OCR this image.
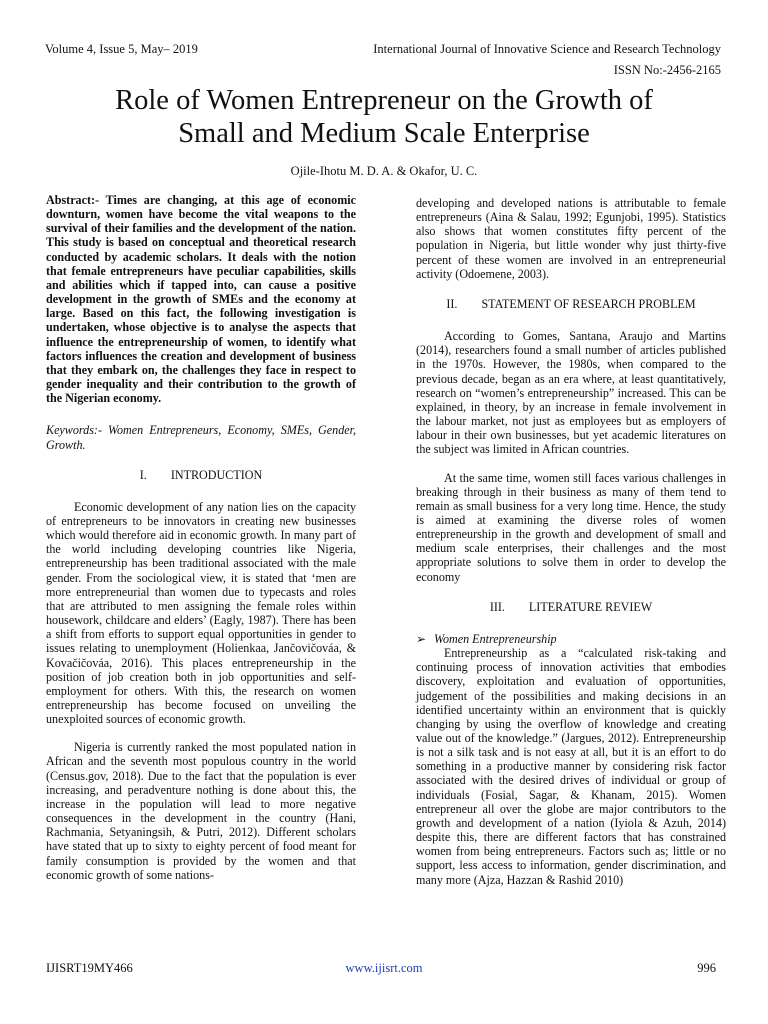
Volume 4, Issue 5, May– 2019	International Journal of Innovative Science and Research Technology
ISSN No:-2456-2165
Role of Women Entrepreneur on the Growth of
Small and Medium Scale Enterprise
Ojile-Ihotu M. D. A. & Okafor, U. C.

Abstract:- Times are changing, at this age of economic downturn, women have become the vital weapons to the survival of their families and the development of the nation. This study is based on conceptual and theoretical research conducted by academic scholars. It deals with the notion that female entrepreneurs have peculiar capabilities, skills and abilities which if tapped into, can cause a positive development in the growth of SMEs and the economy at large. Based on this fact, the following investigation is undertaken, whose objective is to analyse the aspects that influence the entrepreneurship of women, to identify what factors influences the creation and development of business that they embark on, the challenges they face in respect to gender inequality and their contribution to the growth of the Nigerian economy.

Keywords:- Women Entrepreneurs, Economy, SMEs, Gender, Growth.

I. INTRODUCTION

Economic development of any nation lies on the capacity of entrepreneurs to be innovators in creating new businesses which would therefore aid in economic growth. In many part of the world including developing countries like Nigeria, entrepreneurship has been traditional associated with the male gender. From the sociological view, it is stated that ‘men are more entrepreneurial than women due to typecasts and roles that are attributed to men assigning the female roles within housework, childcare and elders’ (Eagly, 1987). There has been a shift from efforts to support equal opportunities in gender to issues relating to unemployment (Holienkaa, Jančovičováa, & Kovačičováa, 2016). This places entrepreneurship in the position of job creation both in job opportunities and self-employment for others. With this, the research on women entrepreneurship has become focused on unveiling the unexploited sources of economic growth.

Nigeria is currently ranked the most populated nation in African and the seventh most populous country in the world (Census.gov, 2018). Due to the fact that the population is ever increasing, and peradventure nothing is done about this, the increase in the population will lead to more negative consequences in the development in the country (Hani, Rachmania, Setyaningsih, & Putri, 2012). Different scholars have stated that up to sixty to eighty percent of food meant for family consumption is provided by the women and that economic growth of some nations-

developing and developed nations is attributable to female entrepreneurs (Aina & Salau, 1992; Egunjobi, 1995). Statistics also shows that women constitutes fifty percent of the population in Nigeria, but little wonder why just thirty-five percent of these women are involved in an entrepreneurial activity (Odoemene, 2003).

II. STATEMENT OF RESEARCH PROBLEM

According to Gomes, Santana, Araujo and Martins (2014), researchers found a small number of articles published in the 1970s. However, the 1980s, when compared to the previous decade, began as an era where, at least quantitatively, research on “women’s entrepreneurship” increased. This can be explained, in theory, by an increase in female involvement in the labour market, not just as employees but as employers of labour in their own businesses, but yet academic literatures on the subject was limited in African countries.

At the same time, women still faces various challenges in breaking through in their business as many of them tend to remain as small business for a very long time. Hence, the study is aimed at examining the diverse roles of women entrepreneurship in the growth and development of small and medium scale enterprises, their challenges and the most appropriate solutions to solve them in order to develop the economy

III. LITERATURE REVIEW

➢ Women Entrepreneurship

Entrepreneurship as a “calculated risk-taking and continuing process of innovation activities that embodies discovery, exploitation and evaluation of opportunities, judgement of the possibilities and making decisions in an identified uncertainty within an environment that is quickly changing by using the overflow of knowledge and creating value out of the knowledge.” (Jargues, 2012). Entrepreneurship is not a silk task and is not easy at all, but it is an effort to do something in a productive manner by considering risk factor associated with the desired drives of individual or group of individuals (Fosial, Sagar, & Khanam, 2015). Women entrepreneur all over the globe are major contributors to the growth and development of a nation (Iyiola & Azuh, 2014) despite this, there are different factors that has constrained women from being entrepreneurs. Factors such as; little or no support, less access to information, gender discrimination, and many more (Ajza, Hazzan & Rashid 2010)

IJISRT19MY466	www.ijisrt.com	996
